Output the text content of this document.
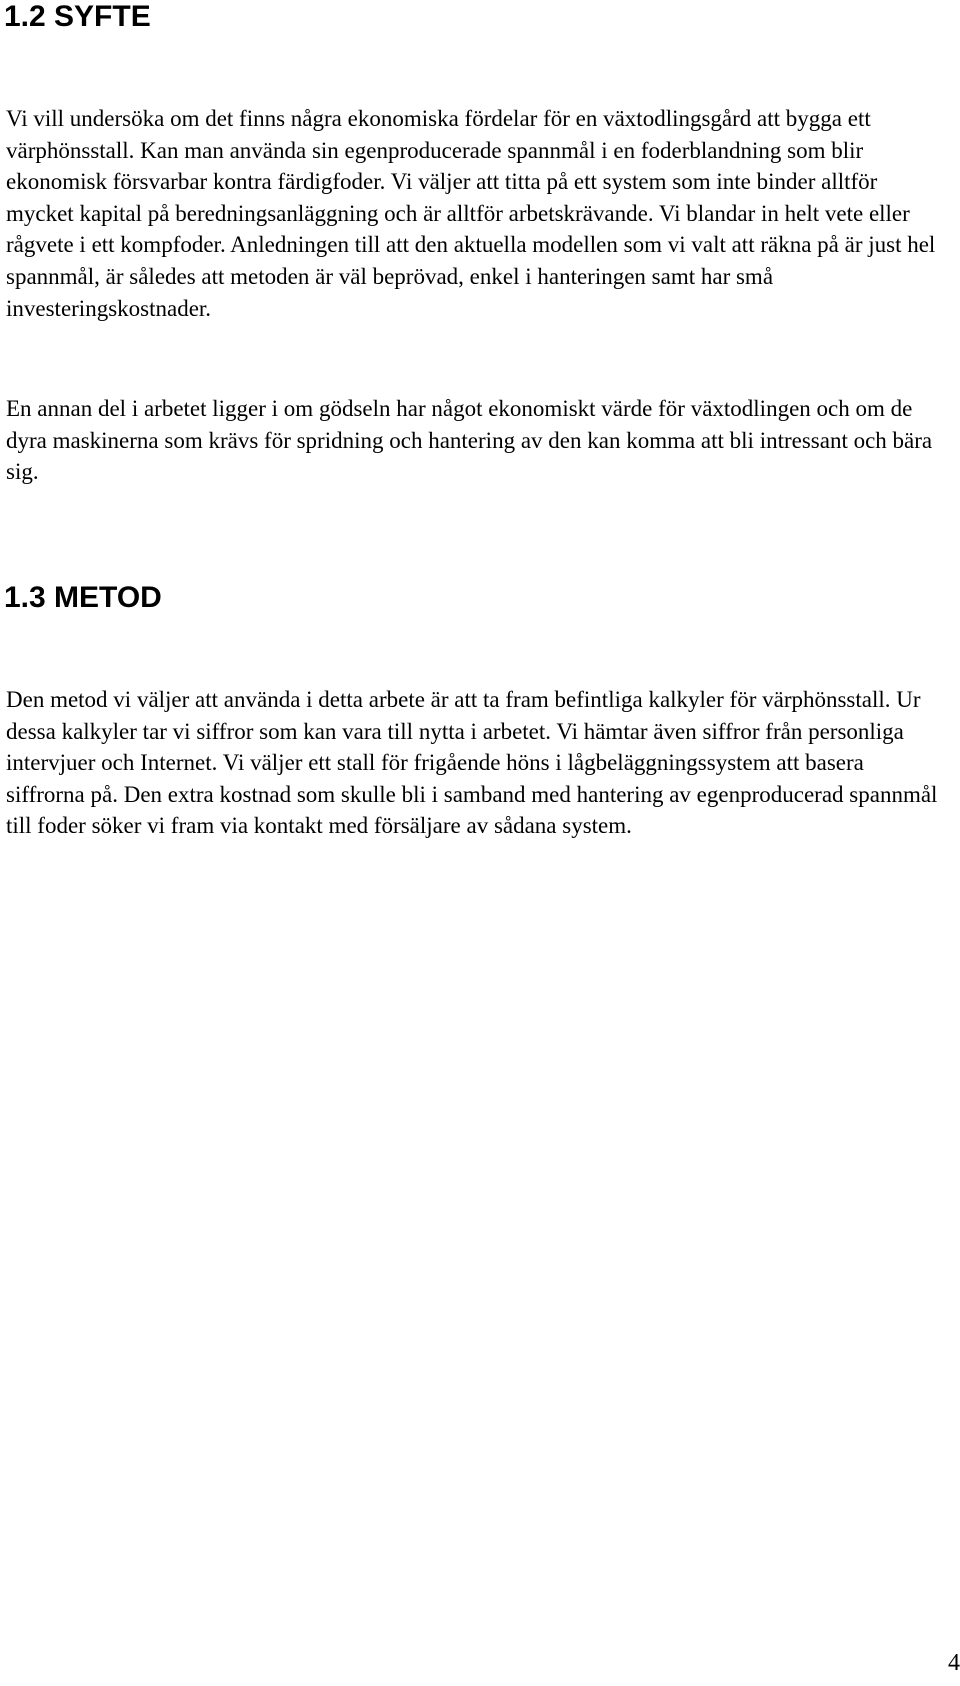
1.2 SYFTE

Vi vill undersöka om det finns några ekonomiska fördelar för en växtodlingsgård att bygga ett värphönsstall. Kan man använda sin egenproducerade spannmål i en foderblandning som blir ekonomisk försvarbar kontra färdigfoder. Vi väljer att titta på ett system som inte binder alltför mycket kapital på beredningsanläggning och är alltför arbetskrävande. Vi blandar in helt vete eller rågvete i ett kompfoder. Anledningen till att den aktuella modellen som vi valt att räkna på är just hel spannmål, är således att metoden är väl beprövad, enkel i hanteringen samt har små investeringskostnader.

En annan del i arbetet ligger i om gödseln har något ekonomiskt värde för växtodlingen och om de dyra maskinerna som krävs för spridning och hantering av den kan komma att bli intressant och bära sig.

1.3 METOD

Den metod vi väljer att använda i detta arbete är att ta fram befintliga kalkyler för värphönsstall. Ur dessa kalkyler tar vi siffror som kan vara till nytta i arbetet. Vi hämtar även siffror från personliga intervjuer och Internet. Vi väljer ett stall för frigående höns i lågbeläggningssystem att basera siffrorna på. Den extra kostnad som skulle bli i samband med hantering av egenproducerad spannmål till foder söker vi fram via kontakt med försäljare av sådana system.

4
